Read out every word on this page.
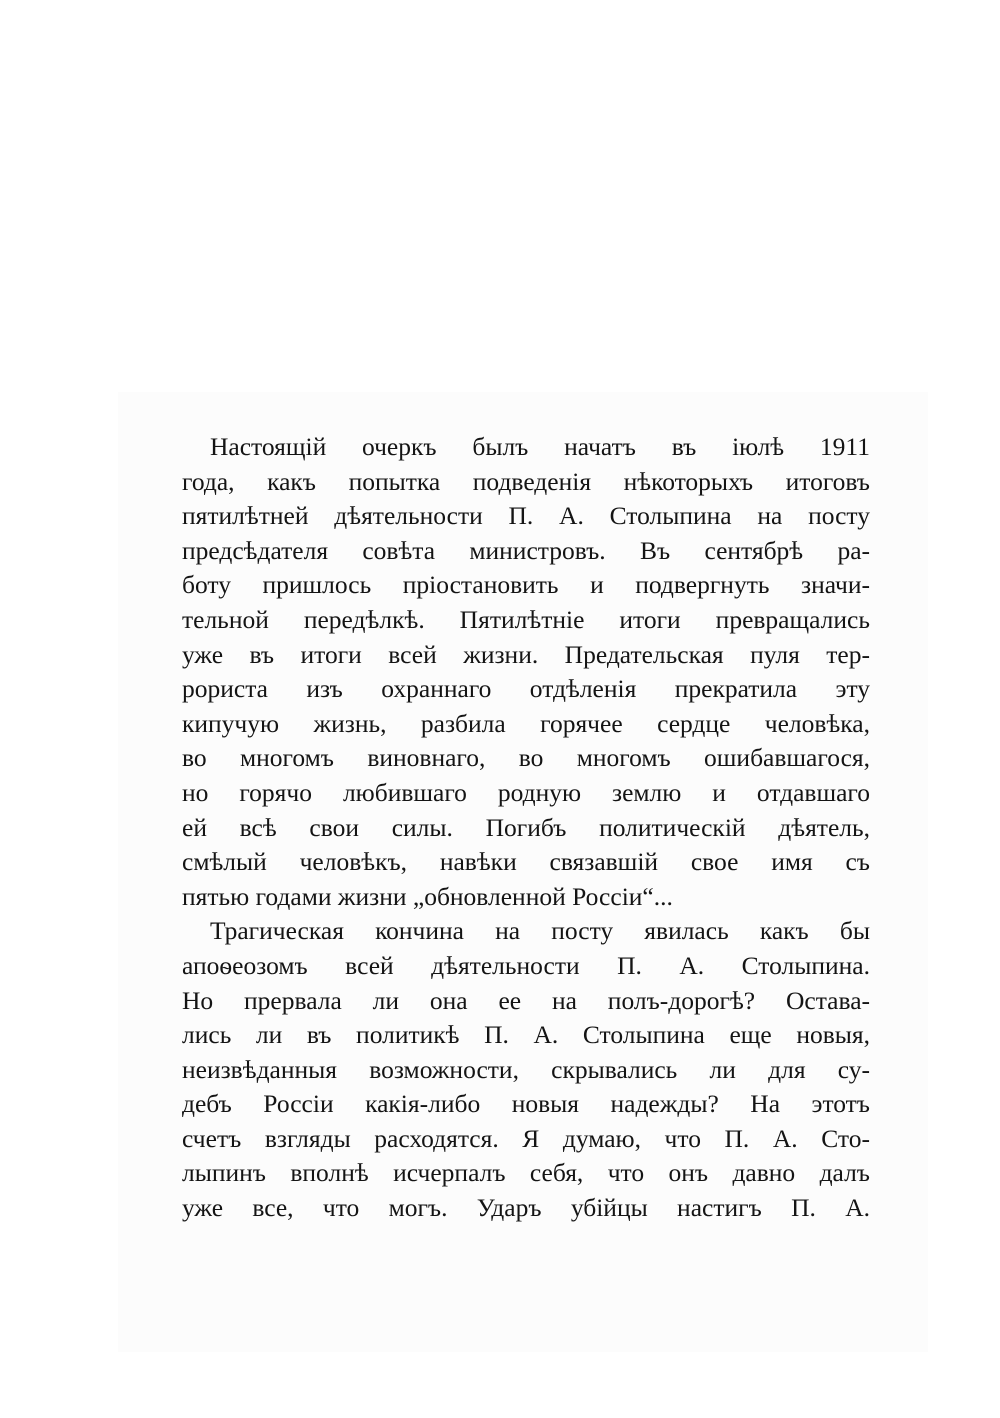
Настоящій очеркъ былъ начатъ въ іюлѣ 1911
года, какъ попытка подведенія нѣкоторыхъ итоговъ
пятилѣтней дѣятельности П. А. Столыпина на посту
предсѣдателя совѣта министровъ. Въ сентябрѣ ра-
боту пришлось пріостановить и подвергнуть значи-
тельной передѣлкѣ. Пятилѣтніе итоги превращались
уже въ итоги всей жизни. Предательская пуля тер-
рориста изъ охраннаго отдѣленія прекратила эту
кипучую жизнь, разбила горячее сердце человѣка,
во многомъ виновнаго, во многомъ ошибавшагося,
но горячо любившаго родную землю и отдавшаго
ей всѣ свои силы. Погибъ политическій дѣятель,
смѣлый человѣкъ, навѣки связавшій свое имя съ
пятью годами жизни „обновленной Россіи“...
Трагическая кончина на посту явилась какъ бы
апоѳеозомъ всей дѣятельности П. А. Столыпина.
Но прервала ли она ее на полъ-дорогѣ? Остава-
лись ли въ политикѣ П. А. Столыпина еще новыя,
неизвѣданныя возможности, скрывались ли для су-
дебъ Россіи какія-либо новыя надежды? На этотъ
счетъ взгляды расходятся. Я думаю, что П. А. Сто-
лыпинъ вполнѣ исчерпалъ себя, что онъ давно далъ
уже все, что могъ. Ударъ убійцы настигъ П. А.
